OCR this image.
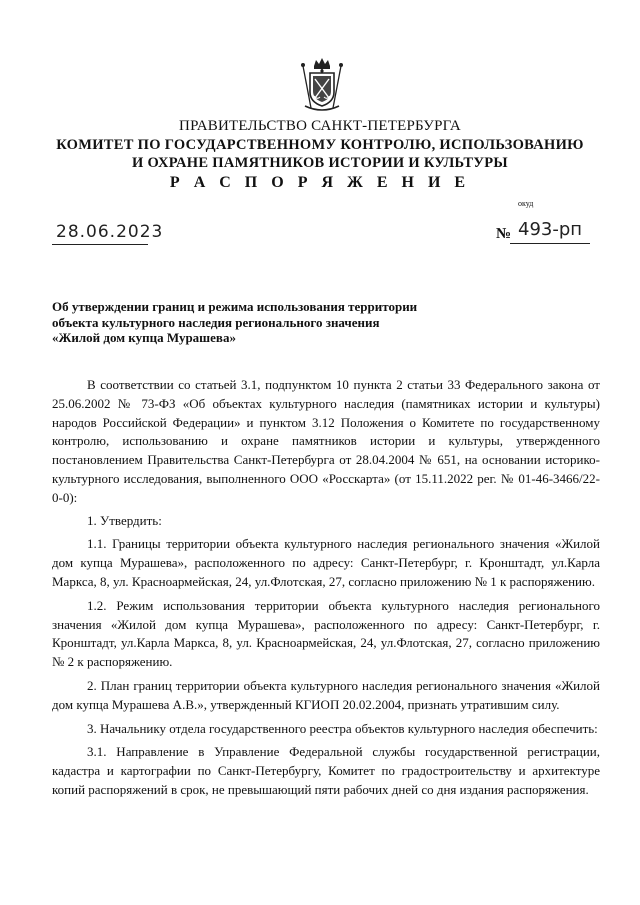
ПРАВИТЕЛЬСТВО САНКТ-ПЕТЕРБУРГА
КОМИТЕТ ПО ГОСУДАРСТВЕННОМУ КОНТРОЛЮ, ИСПОЛЬЗОВАНИЮ
И ОХРАНЕ ПАМЯТНИКОВ ИСТОРИИ И КУЛЬТУРЫ
Р А С П О Р Я Ж Е Н И Е
окуд
28.06.2023	№ 493-рп
Об утверждении границ и режима использования территории
объекта культурного наследия регионального значения
«Жилой дом купца Мурашева»

В соответствии со статьей 3.1, подпунктом 10 пункта 2 статьи 33 Федерального закона от 25.06.2002 № 73-ФЗ «Об объектах культурного наследия (памятниках истории и культуры) народов Российской Федерации» и пунктом 3.12 Положения о Комитете по государственному контролю, использованию и охране памятников истории и культуры, утвержденного постановлением Правительства Санкт-Петербурга от 28.04.2004 № 651, на основании историко-культурного исследования, выполненного ООО «Росскарта» (от 15.11.2022 рег. № 01-46-3466/22-0-0):

1. Утвердить:

1.1. Границы территории объекта культурного наследия регионального значения «Жилой дом купца Мурашева», расположенного по адресу: Санкт-Петербург, г. Кронштадт, ул.Карла Маркса, 8, ул. Красноармейская, 24, ул.Флотская, 27, согласно приложению № 1 к распоряжению.

1.2. Режим использования территории объекта культурного наследия регионального значения «Жилой дом купца Мурашева», расположенного по адресу: Санкт-Петербург, г. Кронштадт, ул.Карла Маркса, 8, ул. Красноармейская, 24, ул.Флотская, 27, согласно приложению № 2 к распоряжению.

2. План границ территории объекта культурного наследия регионального значения «Жилой дом купца Мурашева А.В.», утвержденный КГИОП 20.02.2004, признать утратившим силу.

3. Начальнику отдела государственного реестра объектов культурного наследия обеспечить:

3.1. Направление в Управление Федеральной службы государственной регистрации, кадастра и картографии по Санкт-Петербургу, Комитет по градостроительству и архитектуре копий распоряжений в срок, не превышающий пяти рабочих дней со дня издания распоряжения.
